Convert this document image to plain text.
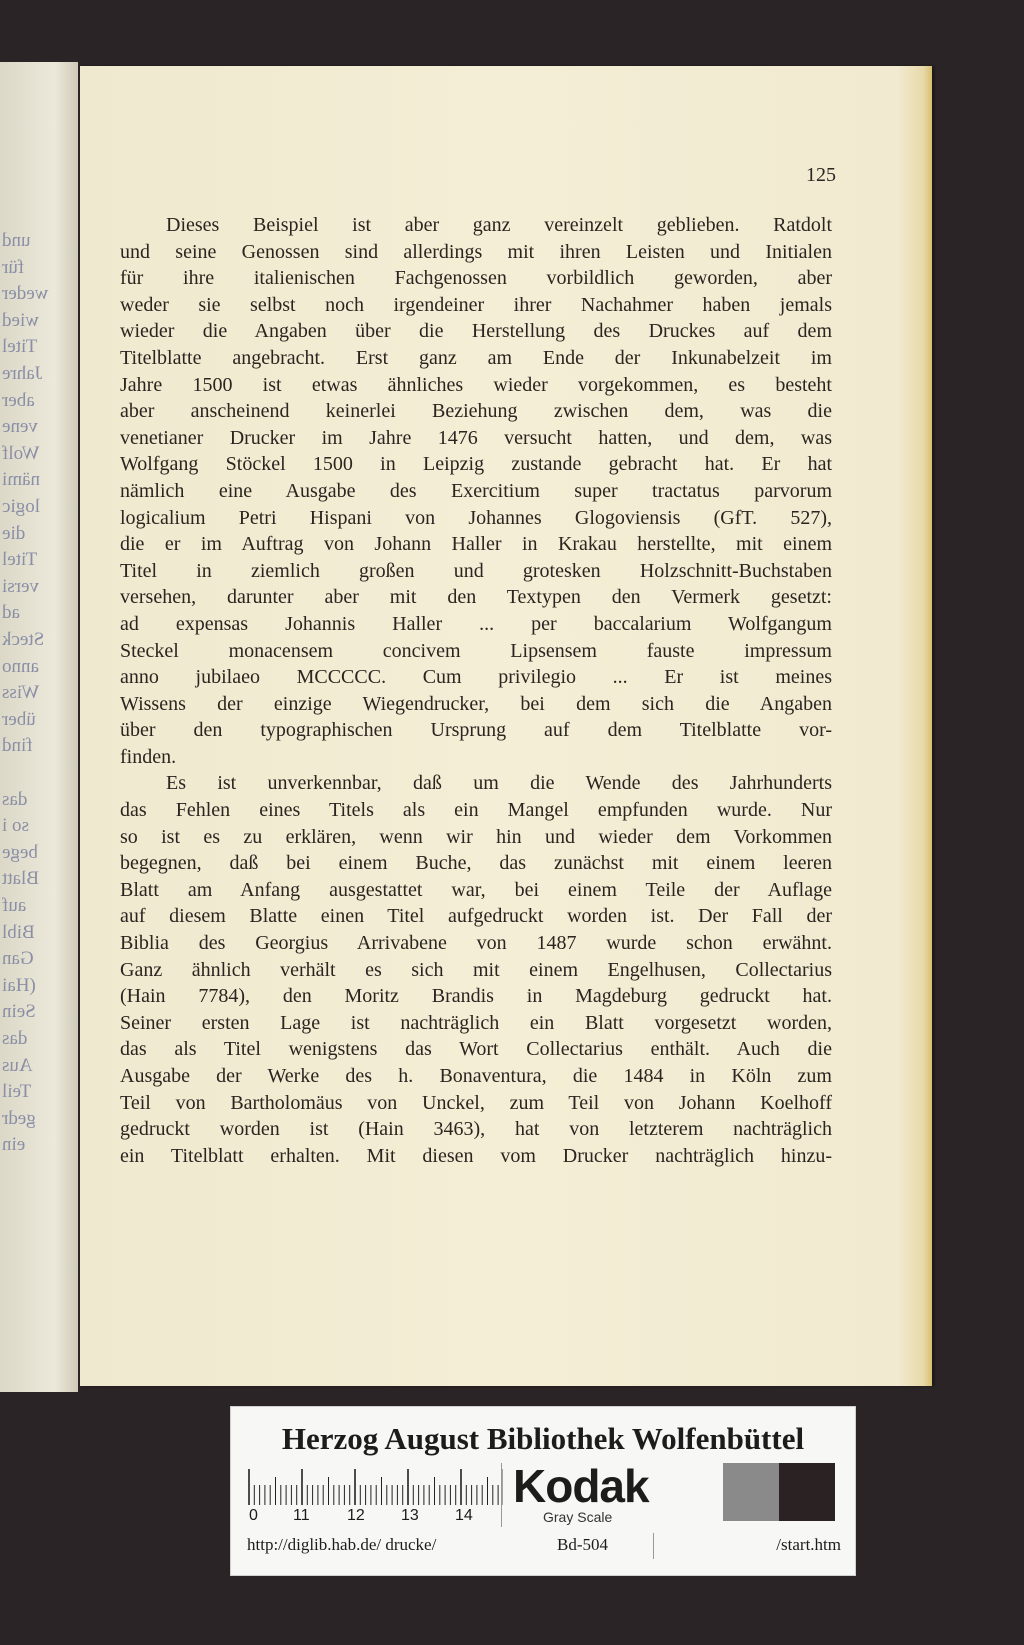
und
für
weder
wied
Titel
Jahre
aber
vene
Wolf
nämi
logic
die
Titel
versi
ad
Steck
anno
Wiss
über
find
das
so i
bege
Blatt
auf
Bibl
Gan
(Hai
Sein
das
Aus
Teil
gedr
ein
125
Dieses Beispiel ist aber ganz vereinzelt geblieben. Ratdolt
und seine Genossen sind allerdings mit ihren Leisten und Initialen
für ihre italienischen Fachgenossen vorbildlich geworden, aber
weder sie selbst noch irgendeiner ihrer Nachahmer haben jemals
wieder die Angaben über die Herstellung des Druckes auf dem
Titelblatte angebracht. Erst ganz am Ende der Inkunabelzeit im
Jahre 1500 ist etwas ähnliches wieder vorgekommen, es besteht
aber anscheinend keinerlei Beziehung zwischen dem, was die
venetianer Drucker im Jahre 1476 versucht hatten, und dem, was
Wolfgang Stöckel 1500 in Leipzig zustande gebracht hat. Er hat
nämlich eine Ausgabe des Exercitium super tractatus parvorum
logicalium Petri Hispani von Johannes Glogoviensis (GfT. 527),
die er im Auftrag von Johann Haller in Krakau herstellte, mit einem
Titel in ziemlich großen und grotesken Holzschnitt-Buchstaben
versehen, darunter aber mit den Textypen den Vermerk gesetzt:
ad expensas Johannis Haller ... per baccalarium Wolfgangum
Steckel monacensem concivem Lipsensem fauste impressum
anno jubilaeo MCCCCC. Cum privilegio ... Er ist meines
Wissens der einzige Wiegendrucker, bei dem sich die Angaben
über den typographischen Ursprung auf dem Titelblatte vor-
finden.
Es ist unverkennbar, daß um die Wende des Jahrhunderts
das Fehlen eines Titels als ein Mangel empfunden wurde. Nur
so ist es zu erklären, wenn wir hin und wieder dem Vorkommen
begegnen, daß bei einem Buche, das zunächst mit einem leeren
Blatt am Anfang ausgestattet war, bei einem Teile der Auflage
auf diesem Blatte einen Titel aufgedruckt worden ist. Der Fall der
Biblia des Georgius Arrivabene von 1487 wurde schon erwähnt.
Ganz ähnlich verhält es sich mit einem Engelhusen, Collectarius
(Hain 7784), den Moritz Brandis in Magdeburg gedruckt hat.
Seiner ersten Lage ist nachträglich ein Blatt vorgesetzt worden,
das als Titel wenigstens das Wort Collectarius enthält. Auch die
Ausgabe der Werke des h. Bonaventura, die 1484 in Köln zum
Teil von Bartholomäus von Unckel, zum Teil von Johann Koelhoff
gedruckt worden ist (Hain 3463), hat von letzterem nachträglich
ein Titelblatt erhalten. Mit diesen vom Drucker nachträglich hinzu-
Herzog August Bibliothek Wolfenbüttel
0 11 12 13 14
Kodak
Gray Scale
http://diglib.hab.de/ drucke/	Bd-504	/start.htm
